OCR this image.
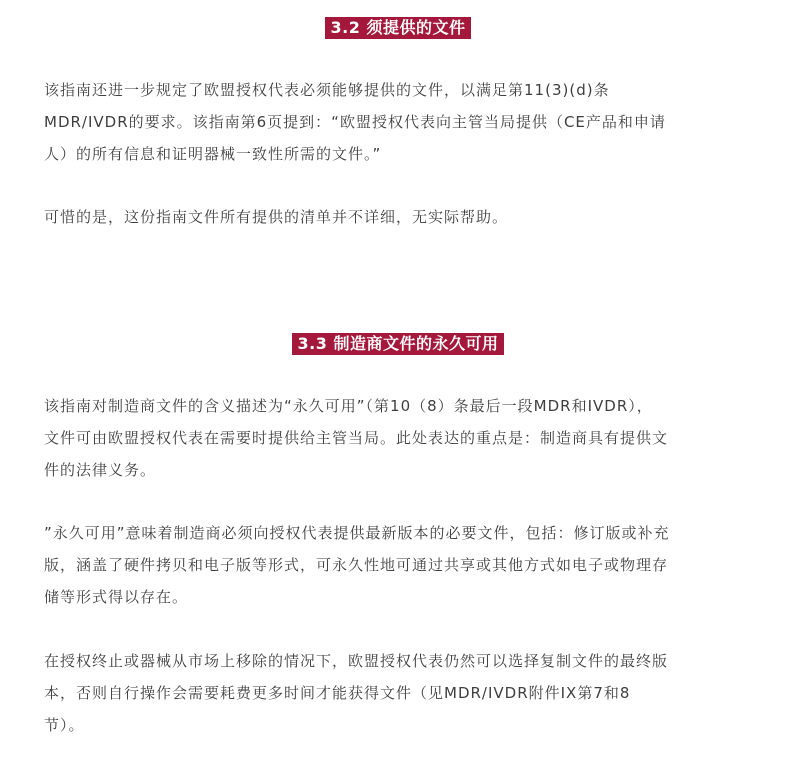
3.2 须提供的文件

该指南还进一步规定了欧盟授权代表必须能够提供的文件，以满足第11(3)(d)条
MDR/IVDR的要求。该指南第6页提到：“欧盟授权代表向主管当局提供（CE产品和申请
人）的所有信息和证明器械一致性所需的文件。”

可惜的是，这份指南文件所有提供的清单并不详细，无实际帮助。

3.3 制造商文件的永久可用

该指南对制造商文件的含义描述为“永久可用”（第10（8）条最后一段MDR和IVDR），
文件可由欧盟授权代表在需要时提供给主管当局。此处表达的重点是：制造商具有提供文
件的法律义务。

”永久可用”意味着制造商必须向授权代表提供最新版本的必要文件，包括：修订版或补充
版，涵盖了硬件拷贝和电子版等形式，可永久性地可通过共享或其他方式如电子或物理存
储等形式得以存在。

在授权终止或器械从市场上移除的情况下，欧盟授权代表仍然可以选择复制文件的最终版
本，否则自行操作会需要耗费更多时间才能获得文件（见MDR/IVDR附件IX第7和8
节）。
